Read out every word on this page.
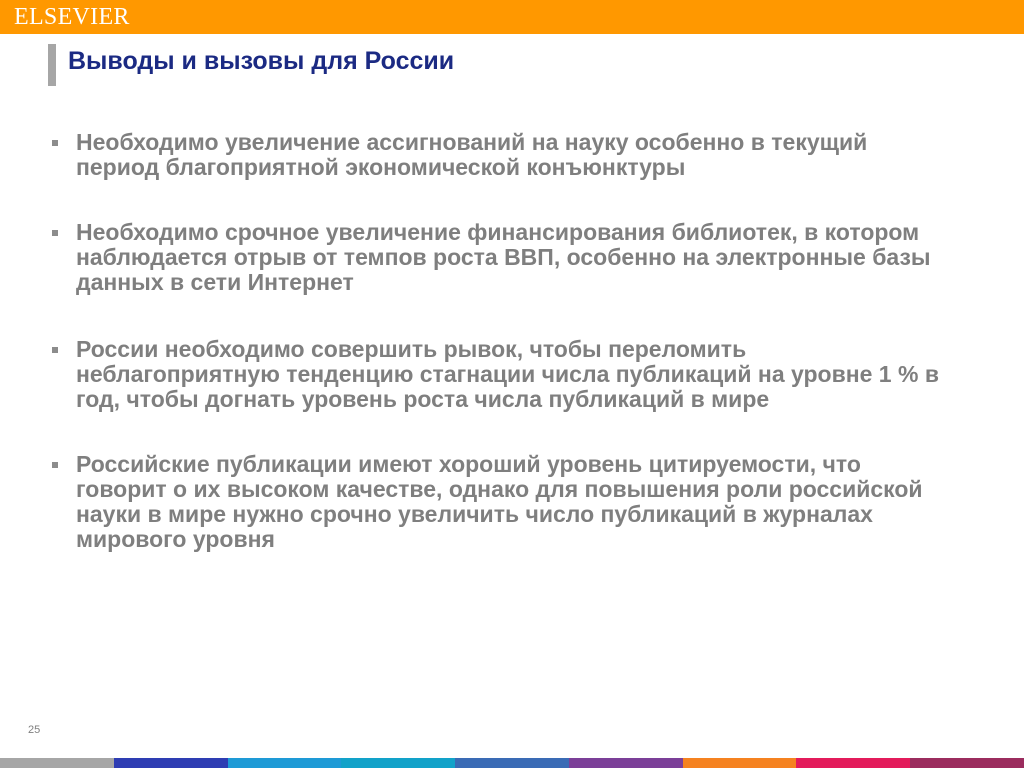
ELSEVIER
Выводы и вызовы для России
Необходимо увеличение ассигнований на науку особенно в текущий период благоприятной экономической конъюнктуры
Необходимо срочное увеличение финансирования библиотек, в котором наблюдается отрыв от темпов роста ВВП, особенно на электронные базы данных в сети Интернет
России необходимо совершить рывок, чтобы переломить неблагоприятную тенденцию стагнации числа публикаций на уровне 1 % в год, чтобы догнать уровень роста числа публикаций в мире
Российские публикации имеют хороший уровень цитируемости, что говорит о их высоком качестве, однако для повышения роли российской науки в мире нужно срочно увеличить число публикаций в журналах мирового уровня
25
